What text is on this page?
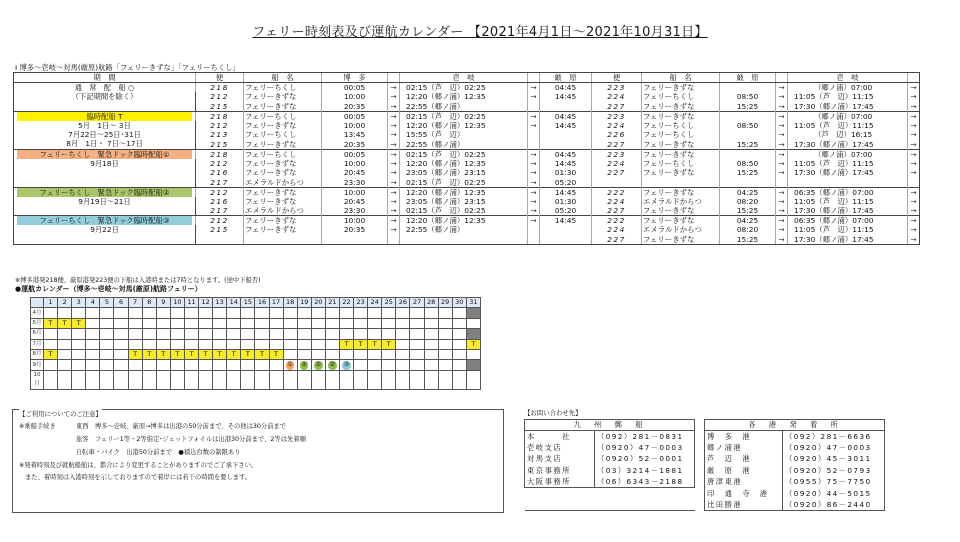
フェリー時刻表及び運航カレンダー 【2021年4月1日～2021年10月31日】
Ⅰ 博多～壱岐～対馬(厳原)航路「フェリーきずな」「フェリーちくし」
期　間	便	船　名	博　多		壱　岐		厳　原	便	船　名	厳　原		壱　岐		

通　常　配　船 ○
（下記期間を除く）	218	フェリーちくし	00:05	→	02:15（芦　辺）02:25	→	04:45	223	フェリーきずな		→	（郷ノ浦）07:00	→	
	212	フェリーきずな	10:00	→	12:20（郷ノ浦）12:35	→	14:45	224	フェリーちくし	08:50	→	11:05（芦　辺）11:15	→	
	215	フェリーきずな	20:35	→	22:55（郷ノ浦）			227	フェリーきずな	15:25	→	17:30（郷ノ浦）17:45	→	

臨時配船 T
5月　1日～ 3日
7月22日～25日･31日
8月　1日・ 7日～17日	218	フェリーちくし	00:05	→	02:15（芦　辺）02:25	→	04:45	223	フェリーきずな		→	（郷ノ浦）07:00	→	
	212	フェリーきずな	10:00	→	12:20（郷ノ浦）12:35	→	14:45	224	フェリーちくし	08:50	→	11:05（芦　辺）11:15	→	
	213	フェリーちくし	13:45	→	15:55（芦　辺）			226	フェリーちくし		→	（芦　辺）16:15	→	
	215	フェリーきずな	20:35	→	22:55（郷ノ浦）			227	フェリーきずな	15:25	→	17:30（郷ノ浦）17:45	→	

フェリーちくし　緊急ドック臨時配船①
9月18日	218	フェリーちくし	00:05	→	02:15（芦　辺）02:25	→	04:45	223	フェリーきずな		→	（郷ノ浦）07:00	→	
	212	フェリーきずな	10:00	→	12:20（郷ノ浦）12:35	→	14:45	224	フェリーちくし	08:50	→	11:05（芦　辺）11:15	→	
	216	フェリーきずな	20:45	→	23:05（郷ノ浦）23:15	→	01:30	227	フェリーきずな	15:25	→	17:30（郷ノ浦）17:45	→	
	217	エメラルドからつ	23:30	→	02:15（芦　辺）02:25	→	05:20							

フェリーちくし　緊急ドック臨時配船②
9月19日～21日	212	フェリーきずな	10:00	→	12:20（郷ノ浦）12:35	→	14:45	222	フェリーきずな	04:25	→	06:35（郷ノ浦）07:00	→	
	216	フェリーきずな	20:45	→	23:05（郷ノ浦）23:15	→	01:30	224	エメラルドからつ	08:20	→	11:05（芦　辺）11:15	→	
	217	エメラルドからつ	23:30	→	02:15（芦　辺）02:25	→	05:20	227	フェリーきずな	15:25	→	17:30（郷ノ浦）17:45	→	

フェリーちくし　緊急ドック臨時配船③
9月22日	212	フェリーきずな	10:00	→	12:20（郷ノ浦）12:35	→	14:45	222	フェリーきずな	04:25	→	06:35（郷ノ浦）07:00	→	
	215	フェリーきずな	20:35	→	22:55（郷ノ浦）			224	エメラルドからつ	08:20	→	11:05（芦　辺）11:15	→	
								227	フェリーきずな	15:25	→	17:30（郷ノ浦）17:45	→	
※博多港発218便、厳原港発223便の下船は入港時または7時となります。(途中下船否)
●運航カレンダー（博多～壱岐～対馬(厳原)航路フェリー）
	1	2	3	4	5	6	7	8	9	10	11	12	13	14	15	16	17	18	19	20	21	22	23	24	25	26	27	28	29	30	31
4月																															
5月	T	T	T																												
6月																															
7月																						T	T	T	T						T
8月	T						T	T	T	T	T	T	T	T	T	T	T														
9月																		①	②	②	②	③									
10月																															
【ご利用についてのご注意】
※乗船手続き	東西　博多～壱岐、厳原→博多は出港の50分前まで、その他は30分前まで
旅客　フェリー1等・2等指定･ジェットフォイルは出港30分前まで、2等は先着順
自転車・バイク　出港50分前まで　●積込台数の制限あり
※発着時刻及び就航船舶は、都合により変更することがありますのでご了承下さい。
また、着時刻は入港時刻を示しておりますので着岸には若干の時間を要します。
【お問い合わせ先】
九　州　郵　船			各　港　発　着　所	
本　　　社	（092）281－0831		博　多　港	（092）281－6636
壱岐支店	（0920）47－0003		郷ノ浦港	（0920）47－0003
対馬支店	（0920）52－0001		芦　辺　港	（0920）45－3011
東京事務所	（03）3214－1881		厳　原　港	（0920）52－0793
大阪事務所	（06）6343－2188		唐津東港	（0955）75－7750
			印　通　寺　港	（0920）44－5015
			比田勝港	（0920）86－2440
